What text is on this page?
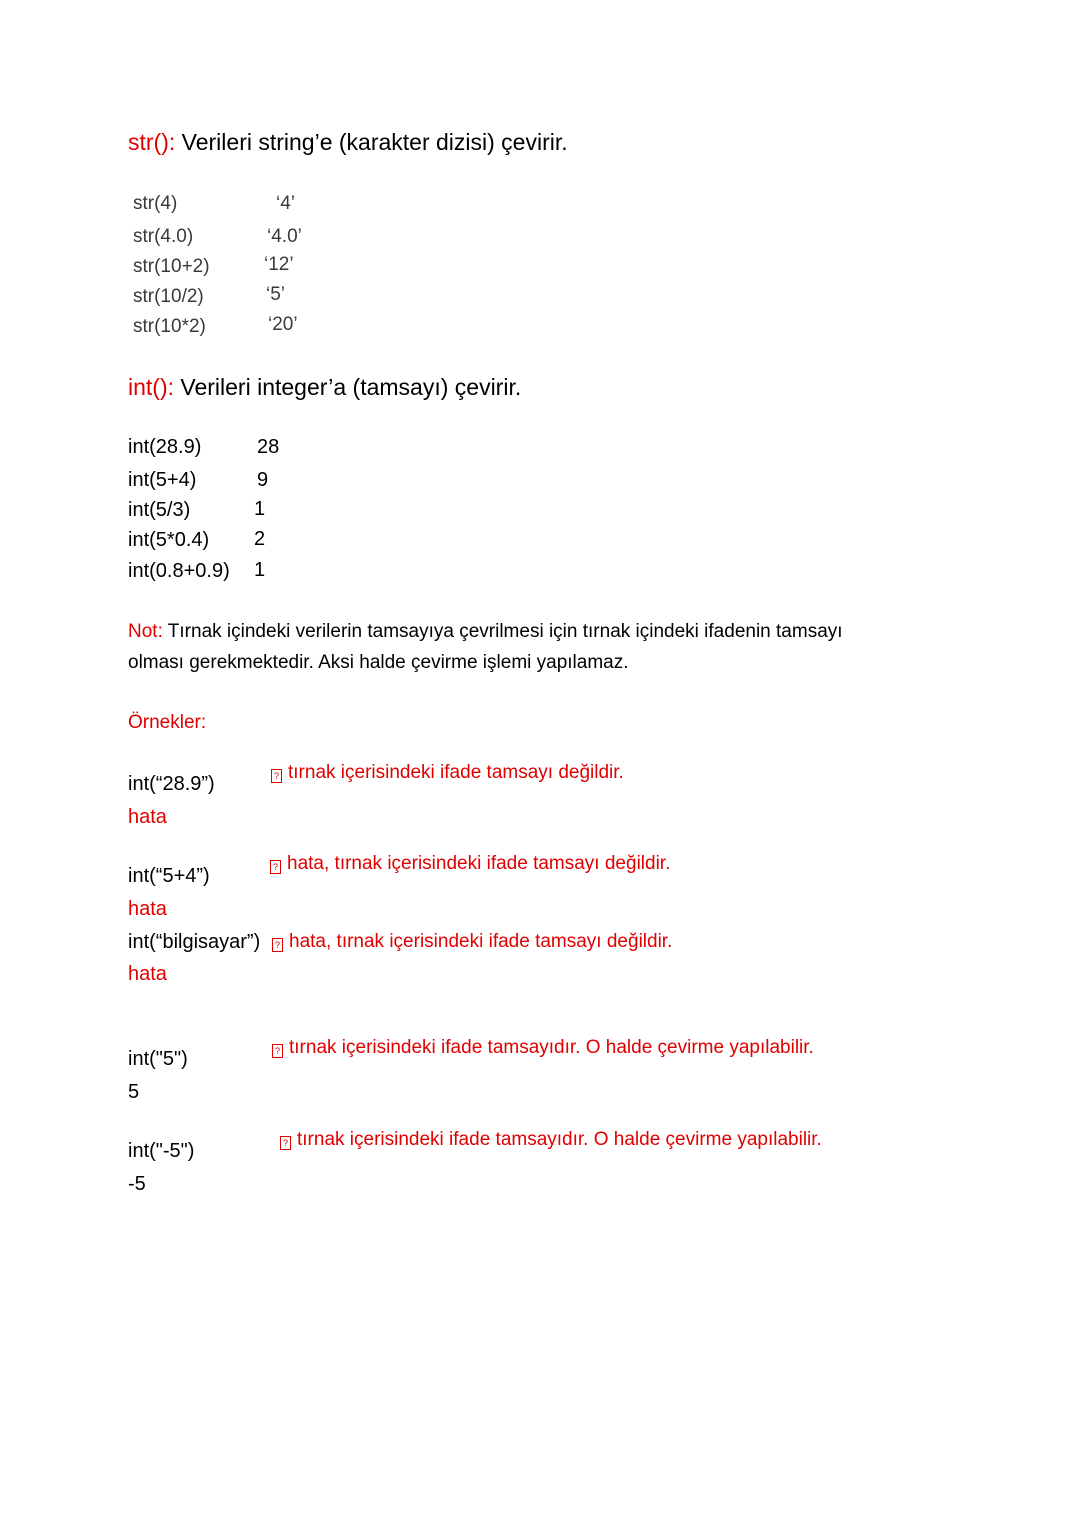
str(): Verileri string’e (karakter dizisi) çevirir.
str(4)	‘4’
str(4.0)	‘4.0’
str(10+2)	‘12’
str(10/2)	‘5’
str(10*2)	‘20’
int(): Verileri integer’a (tamsayı) çevirir.
int(28.9)	28
int(5+4)	9
int(5/3)	1
int(5*0.4) 2
int(0.8+0.9) 1
Not: Tırnak içindeki verilerin tamsayıya çevrilmesi için tırnak içindeki ifadenin tamsayı
olması gerekmektedir. Aksi halde çevirme işlemi yapılamaz.
Örnekler:
? tırnak içerisindeki ifade tamsayı değildir.
int(“28.9”)
hata
? hata, tırnak içerisindeki ifade tamsayı değildir.
int(“5+4”)
hata
int(“bilgisayar”)	? hata, tırnak içerisindeki ifade tamsayı değildir.
hata
? tırnak içerisindeki ifade tamsayıdır. O halde çevirme yapılabilir.
int("5")
5
? tırnak içerisindeki ifade tamsayıdır. O halde çevirme yapılabilir.
int("-5")
-5
